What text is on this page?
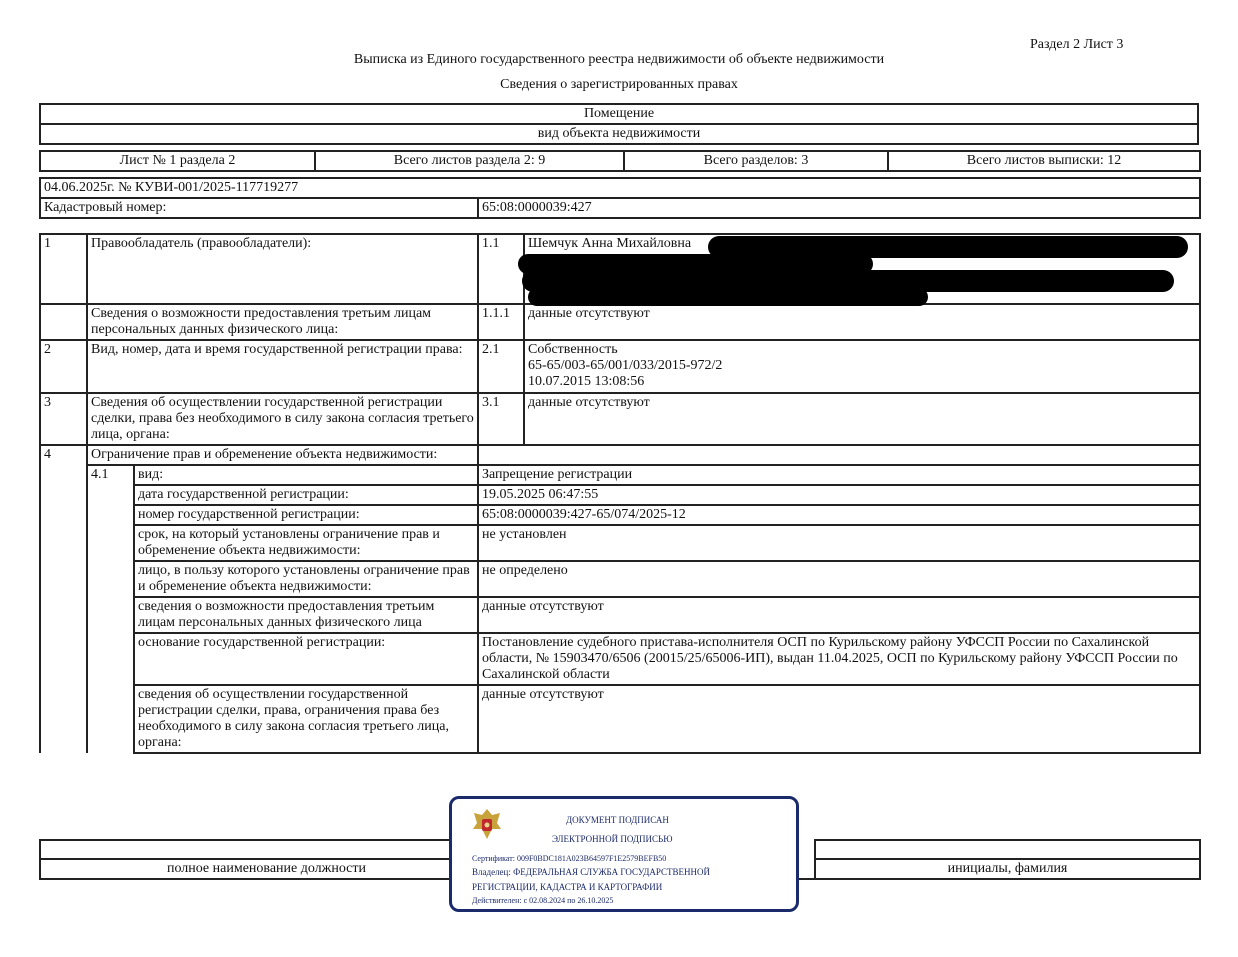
Раздел 2 Лист 3
Выписка из Единого государственного реестра недвижимости об объекте недвижимости
Сведения о зарегистрированных правах
Помещение
вид объекта недвижимости
Лист № 1 раздела 2	Всего листов раздела 2: 9	Всего разделов: 3	Всего листов выписки: 12
04.06.2025г. № КУВИ-001/2025-117719277
Кадастровый номер:	65:08:0000039:427
1	Правообладатель (правообладатели):		1.1	Шемчук Анна Михайловна
	Сведения о возможности предоставления третьим лицам персональных данных физического лица:		1.1.1	данные отсутствуют
2	Вид, номер, дата и время государственной регистрации права:		2.1	Собственность
65-65/003-65/001/033/2015-972/2
10.07.2015 13:08:56

3	Сведения об осуществлении государственной регистрации сделки, права без необходимого в силу закона согласия третьего лица, органа:		3.1	данные отсутствуют
4	Ограничение прав и обременение объекта недвижимости:			
	4.1	вид:	Запрещение регистрации	
		дата государственной регистрации:	19.05.2025 06:47:55	
		номер государственной регистрации:	65:08:0000039:427-65/074/2025-12	
		срок, на который установлены ограничение прав и обременение объекта недвижимости:	не установлен	
		лицо, в пользу которого установлены ограничение прав и обременение объекта недвижимости:	не определено	
		сведения о возможности предоставления третьим лицам персональных данных физического лица	данные отсутствуют	
		основание государственной регистрации:	Постановление судебного пристава-исполнителя ОСП по Курильскому району УФССП России по Сахалинской области, № 15903470/6506 (20015/25/65006-ИП), выдан 11.04.2025, ОСП по Курильскому району УФССП России по Сахалинской области	
		сведения об осуществлении государственной регистрации сделки, права, ограничения права без необходимого в силу закона согласия третьего лица, органа:	данные отсутствуют	

полное наименование должности		инициалы, фамилия
ДОКУМЕНТ ПОДПИСАН
ЭЛЕКТРОННОЙ ПОДПИСЬЮ
Сертификат: 009F0BDC181A023B64597F1E2579BEFB50
Владелец: ФЕДЕРАЛЬНАЯ СЛУЖБА ГОСУДАРСТВЕННОЙ
РЕГИСТРАЦИИ, КАДАСТРА И КАРТОГРАФИИ
Действителен: с 02.08.2024 по 26.10.2025
